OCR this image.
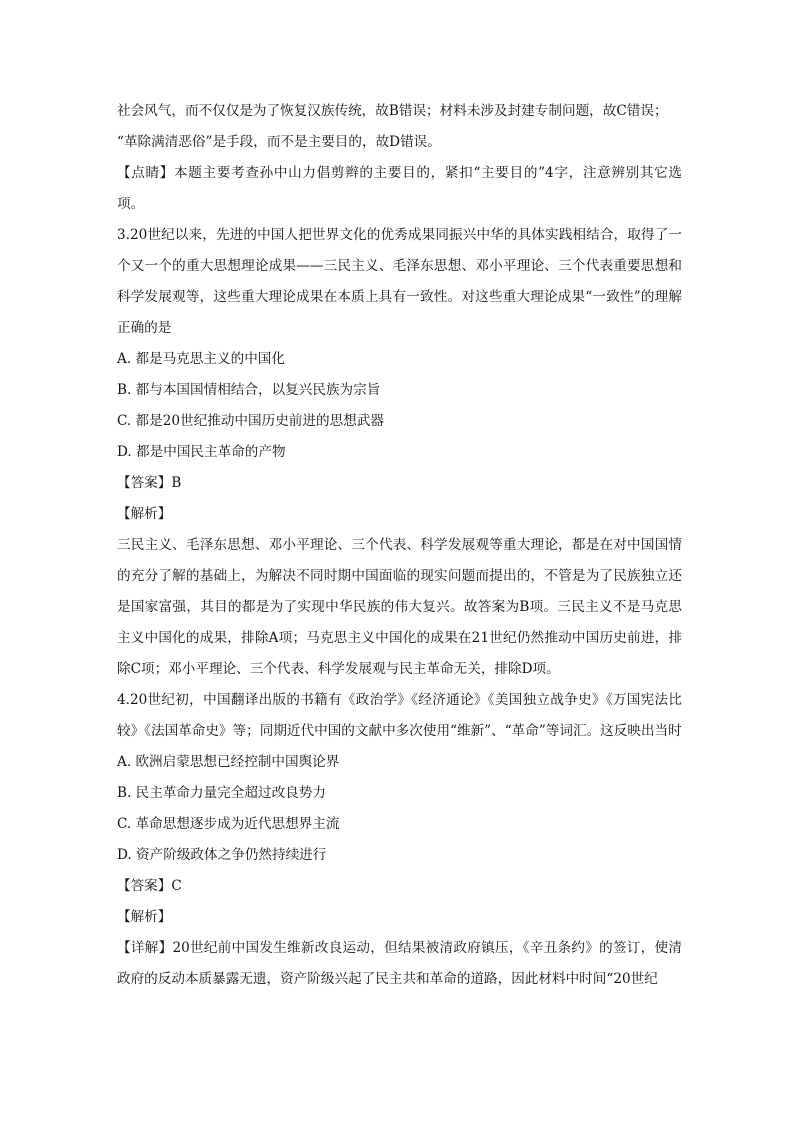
社会风气，而不仅仅是为了恢复汉族传统，故B错误；材料未涉及封建专制问题，故C错误；
“革除满清恶俗”是手段，而不是主要目的，故D错误。
【点睛】本题主要考查孙中山力倡剪辫的主要目的，紧扣“主要目的”4字，注意辨别其它选项。
3.20世纪以来，先进的中国人把世界文化的优秀成果同振兴中华的具体实践相结合，取得了一个又一个的重大思想理论成果——三民主义、毛泽东思想、邓小平理论、三个代表重要思想和科学发展观等，这些重大理论成果在本质上具有一致性。对这些重大理论成果“一致性”的理解正确的是
A. 都是马克思主义的中国化
B. 都与本国国情相结合，以复兴民族为宗旨
C. 都是20世纪推动中国历史前进的思想武器
D. 都是中国民主革命的产物
【答案】B
【解析】
三民主义、毛泽东思想、邓小平理论、三个代表、科学发展观等重大理论，都是在对中国国情的充分了解的基础上，为解决不同时期中国面临的现实问题而提出的，不管是为了民族独立还是国家富强，其目的都是为了实现中华民族的伟大复兴。故答案为B项。三民主义不是马克思主义中国化的成果，排除A项；马克思主义中国化的成果在21世纪仍然推动中国历史前进，排除C项；邓小平理论、三个代表、科学发展观与民主革命无关，排除D项。
4.20世纪初，中国翻译出版的书籍有《政治学》《经济通论》《美国独立战争史》《万国宪法比较》《法国革命史》等；同期近代中国的文献中多次使用“维新”、“革命”等词汇。这反映出当时
A. 欧洲启蒙思想已经控制中国舆论界
B. 民主革命力量完全超过改良势力
C. 革命思想逐步成为近代思想界主流
D. 资产阶级政体之争仍然持续进行
【答案】C
【解析】
【详解】20世纪前中国发生维新改良运动，但结果被清政府镇压，《辛丑条约》的签订，使清政府的反动本质暴露无遗，资产阶级兴起了民主共和革命的道路，因此材料中时间“20世纪
